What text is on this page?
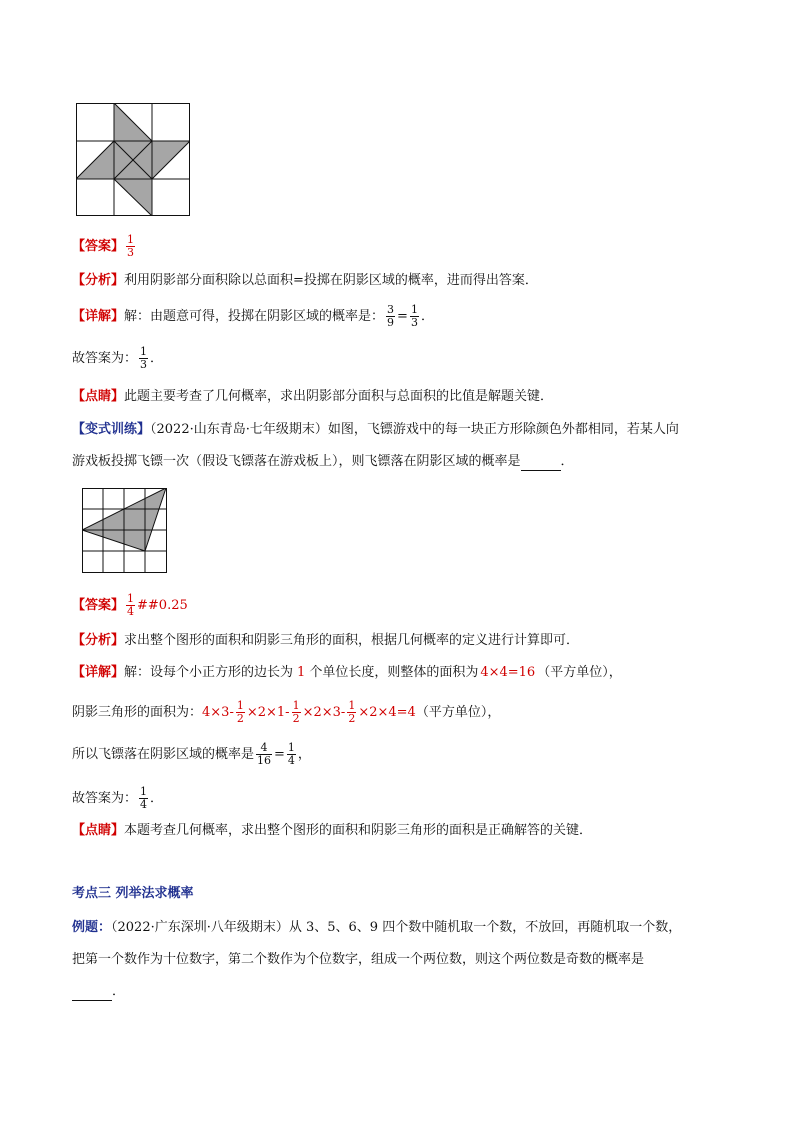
【答案】 $\frac{1}{3}$
【分析】利用阴影部分面积除以总面积=投掷在阴影区域的概率，进而得出答案．
【详解】解：由题意可得，投掷在阴影区域的概率是： $\frac{3}{9} = \frac{1}{3}$ ．
故答案为： $\frac{1}{3}$ ．
【点睛】此题主要考查了几何概率，求出阴影部分面积与总面积的比值是解题关键．
【变式训练】（2022·山东青岛·七年级期末）如图，飞镖游戏中的每一块正方形除颜色外都相同，若某人向
游戏板投掷飞镖一次（假设飞镖落在游戏板上），则飞镖落在阴影区域的概率是	．
【答案】 $\frac{1}{4}$ ##0.25
【分析】求出整个图形的面积和阴影三角形的面积，根据几何概率的定义进行计算即可．
【详解】解：设每个小正方形的边长为 1 个单位长度，则整体的面积为 4×4=16 （平方单位），
阴影三角形的面积为：$4\times 3- \frac{1}{2} \times 2\times 1- \frac{1}{2} \times 2\times 3- \frac{1}{2} \times 2\times 4=4$（平方单位），
所以飞镖落在阴影区域的概率是 $\frac{4}{16} = \frac{1}{4}$ ，
故答案为： $\frac{1}{4}$ ．
【点睛】本题考查几何概率，求出整个图形的面积和阴影三角形的面积是正确解答的关键．
考点三 列举法求概率
例题：（2022·广东深圳·八年级期末）从 3、5、6、9 四个数中随机取一个数，不放回，再随机取一个数，
把第一个数作为十位数字，第二个数作为个位数字，组成一个两位数，则这个两位数是奇数的概率是
．
